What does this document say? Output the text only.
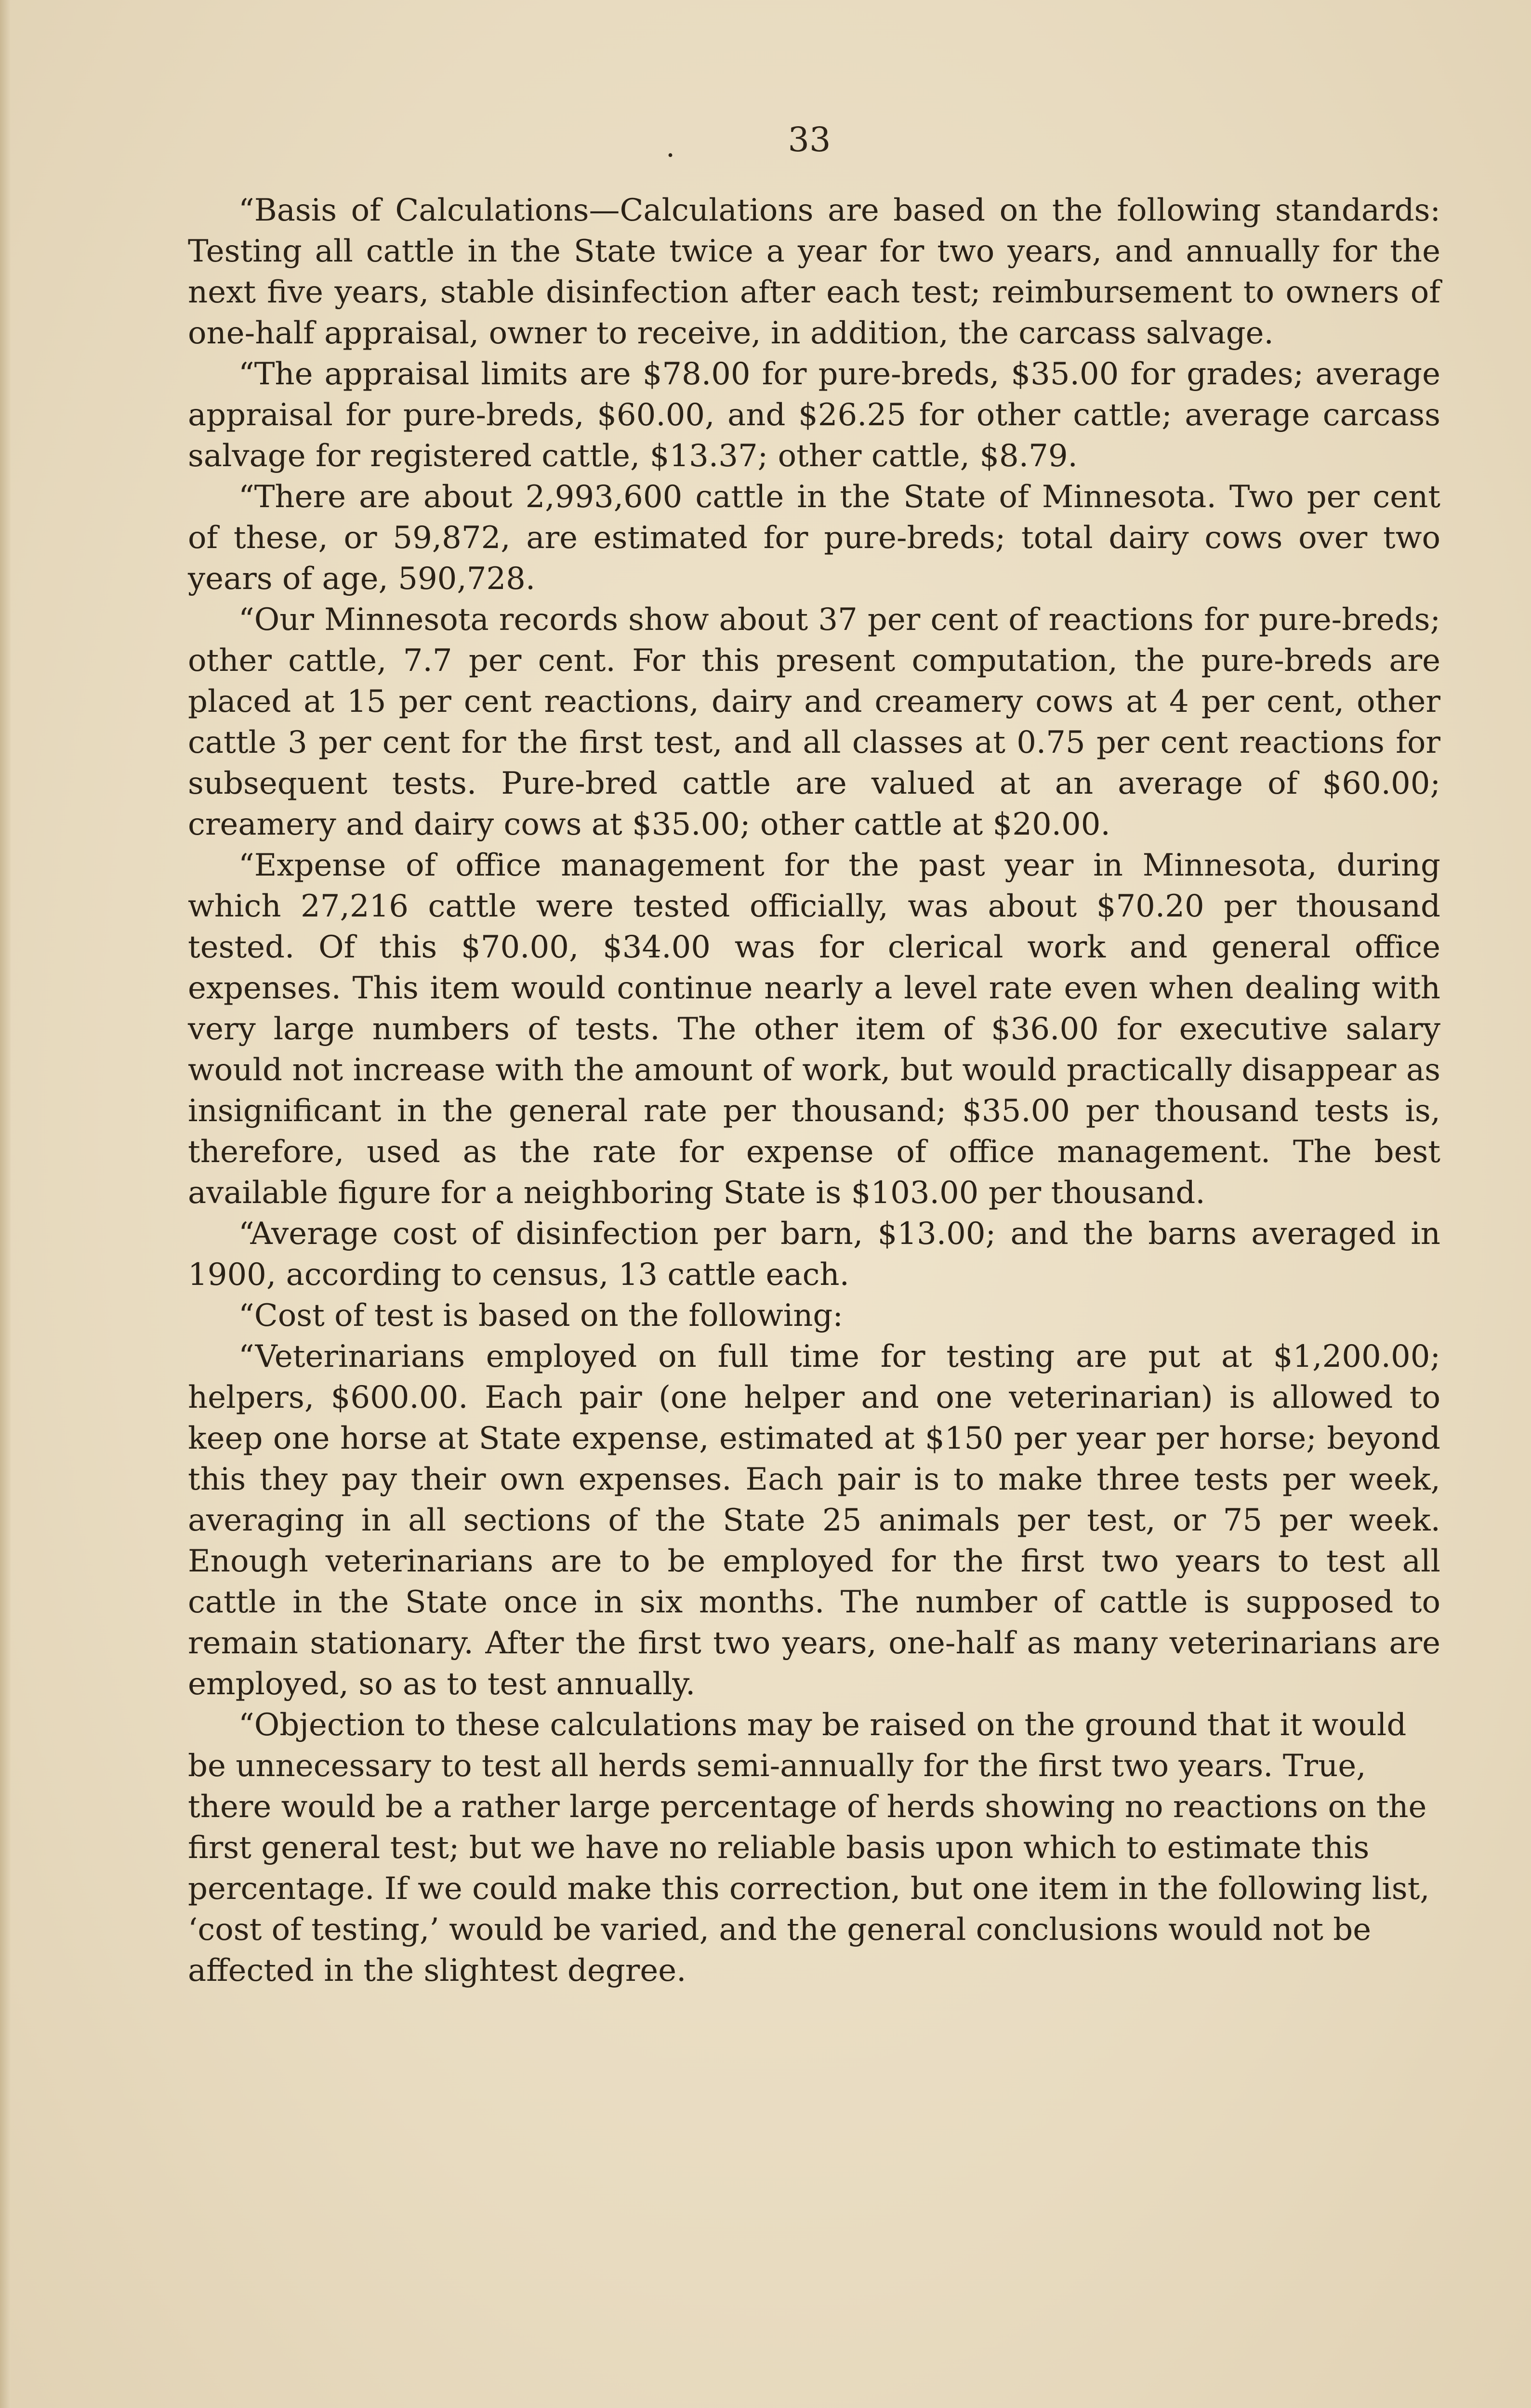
.	33

“Basis of Calculations—Calculations are based on the following standards: Testing all cattle in the State twice a year for two years, and annually for the next five years, stable disinfection after each test; reimbursement to owners of one-half appraisal, owner to receive, in addition, the carcass salvage.

“The appraisal limits are $78.00 for pure-breds, $35.00 for grades; average appraisal for pure-breds, $60.00, and $26.25 for other cattle; average carcass salvage for registered cattle, $13.37; other cattle, $8.79.

“There are about 2,993,600 cattle in the State of Minnesota. Two per cent of these, or 59,872, are estimated for pure-breds; total dairy cows over two years of age, 590,728.

“Our Minnesota records show about 37 per cent of reactions for pure-breds; other cattle, 7.7 per cent. For this present computation, the pure-breds are placed at 15 per cent reactions, dairy and creamery cows at 4 per cent, other cattle 3 per cent for the first test, and all classes at 0.75 per cent reactions for subsequent tests. Pure-bred cattle are valued at an average of $60.00; creamery and dairy cows at $35.00; other cattle at $20.00.

“Expense of office management for the past year in Minnesota, during which 27,216 cattle were tested officially, was about $70.20 per thousand tested. Of this $70.00, $34.00 was for clerical work and general office expenses. This item would continue nearly a level rate even when dealing with very large numbers of tests. The other item of $36.00 for executive salary would not increase with the amount of work, but would practically disappear as insignificant in the general rate per thousand; $35.00 per thousand tests is, therefore, used as the rate for expense of office management. The best available figure for a neighboring State is $103.00 per thousand.

“Average cost of disinfection per barn, $13.00; and the barns averaged in 1900, according to census, 13 cattle each.

“Cost of test is based on the following:

“Veterinarians employed on full time for testing are put at $1,200.00; helpers, $600.00. Each pair (one helper and one veterinarian) is allowed to keep one horse at State expense, estimated at $150 per year per horse; beyond this they pay their own expenses. Each pair is to make three tests per week, averaging in all sections of the State 25 animals per test, or 75 per week. Enough veterinarians are to be employed for the first two years to test all cattle in the State once in six months. The number of cattle is supposed to remain stationary. After the first two years, one-half as many veterinarians are employed, so as to test annually.

“Objection to these calculations may be raised on the ground that it would be unnecessary to test all herds semi-annually for the first two years. True, there would be a rather large percentage of herds showing no reactions on the first general test; but we have no reliable basis upon which to estimate this percentage. If we could make this correction, but one item in the following list, ‘cost of testing,’ would be varied, and the general conclusions would not be affected in the slightest degree.
